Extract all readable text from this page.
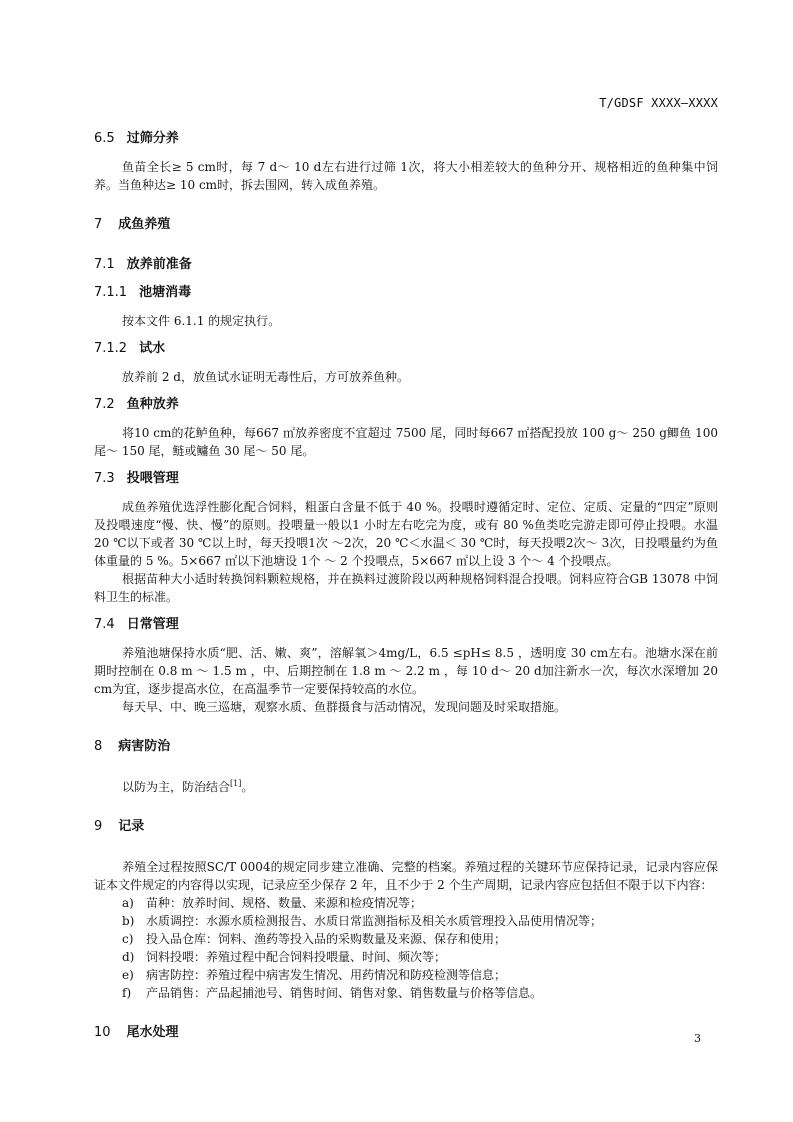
T/GDSF XXXX—XXXX
6.5 过筛分养

鱼苗全长≥ 5 cm时，每 7 d～ 10 d左右进行过筛 1次，将大小相差较大的鱼种分开、规格相近的鱼种集中饲养。当鱼种达≥ 10 cm时，拆去围网，转入成鱼养殖。

7 成鱼养殖
7.1 放养前准备
7.1.1 池塘消毒

按本文件 6.1.1 的规定执行。

7.1.2 试水

放养前 2 d，放鱼试水证明无毒性后，方可放养鱼种。

7.2 鱼种放养

将10 cm的花鲈鱼种，每667 ㎡放养密度不宜超过 7500 尾，同时每667 ㎡搭配投放 100 g～ 250 g鲫鱼 100 尾～ 150 尾，鲢或鳙鱼 30 尾～ 50 尾。

7.3 投喂管理

成鱼养殖优选浮性膨化配合饲料，粗蛋白含量不低于 40 %。投喂时遵循定时、定位、定质、定量的“四定”原则及投喂速度“慢、快、慢”的原则。投喂量一般以1 小时左右吃完为度，或有 80 %鱼类吃完游走即可停止投喂。水温 20 ℃以下或者 30 ℃以上时，每天投喂1次 ～2次，20 ℃＜水温＜ 30 ℃时，每天投喂2次～ 3次，日投喂量约为鱼体重量的 5 %。5×667 ㎡以下池塘设 1个 ～ 2 个投喂点，5×667 ㎡以上设 3 个～ 4 个投喂点。

根据苗种大小适时转换饲料颗粒规格，并在换料过渡阶段以两种规格饲料混合投喂。饲料应符合GB 13078 中饲料卫生的标准。

7.4 日常管理

养殖池塘保持水质“肥、活、嫩、爽”，溶解氧＞4mg/L，6.5 ≤pH≤ 8.5 ，透明度 30 cm左右。池塘水深在前期时控制在 0.8 m ～ 1.5 m ，中、后期控制在 1.8 m ～ 2.2 m ，每 10 d～ 20 d加注新水一次，每次水深增加 20 cm为宜，逐步提高水位，在高温季节一定要保持较高的水位。

每天早、中、晚三巡塘，观察水质、鱼群摄食与活动情况，发现问题及时采取措施。

8 病害防治

以防为主，防治结合[1]。

9 记录

养殖全过程按照SC/T 0004的规定同步建立准确、完整的档案。养殖过程的关键环节应保持记录，记录内容应保证本文件规定的内容得以实现，记录应至少保存 2 年，且不少于 2 个生产周期，记录内容应包括但不限于以下内容：

a) 苗种：放养时间、规格、数量、来源和检疫情况等；
b) 水质调控：水源水质检测报告、水质日常监测指标及相关水质管理投入品使用情况等；
c) 投入品仓库：饲料、渔药等投入品的采购数量及来源、保存和使用；
d) 饲料投喂：养殖过程中配合饲料投喂量、时间、频次等；
e) 病害防控：养殖过程中病害发生情况、用药情况和防疫检测等信息；
f) 产品销售：产品起捕池号、销售时间、销售对象、销售数量与价格等信息。
10 尾水处理	3
